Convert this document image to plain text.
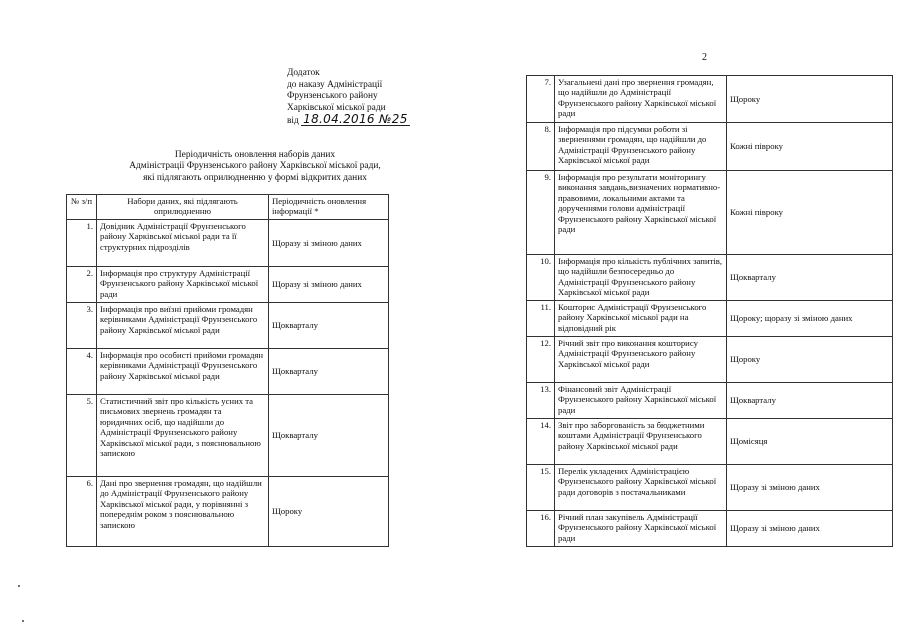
2
Додаток
до наказу Адміністрації
Фрунзенського району
Харківської міської ради
від 18.04.2016 №25
Періодичність оновлення наборів даних
Адміністрації Фрунзенського району Харківської міської ради,
які підлягають оприлюдненню у формі відкритих даних
№ з/п	Набори даних, які підлягають оприлюдненню	Періодичність оновлення інформації *
1.	Довідник Адміністрації Фрунзенського району Харківської міської ради та її структурних підрозділів	Щоразу зі зміною даних
2.	Інформація про структуру Адміністрації Фрунзенського району Харківської міської ради	Щоразу зі зміною даних
3.	Інформація про виїзні прийоми громадян керівниками Адміністрації Фрунзенського району Харківської міської ради	Щокварталу
4.	Інформація про особисті прийоми громадян керівниками Адміністрації Фрунзенського району Харківської міської ради	Щокварталу
5.	Статистичний звіт про кількість усних та письмових звернень громадян та юридичних осіб, що надійшли до Адміністрації Фрунзенського району Харківської міської ради, з пояснювальною запискою	Щокварталу
6.	Дані про звернення громадян, що надійшли до Адміністрації Фрунзенського району Харківської міської ради, у порівнянні з попереднім роком з пояснювальною запискою	Щороку
7.	Узагальнені дані про звернення громадян, що надійшли до Адміністрації Фрунзенського району Харківської міської ради	Щороку
8.	Інформація про підсумки роботи зі зверненнями громадян, що надійшли до Адміністрації Фрунзенського району Харківської міської ради	Кожні півроку
9.	Інформація про результати моніторингу виконання завдань,визначених нормативно-правовими, локальними актами та дорученнями голови адміністрації Фрунзенського району Харківської міської ради	Кожні півроку
10.	Інформація про кількість публічних запитів, що надійшли безпосередньо до Адміністрації Фрунзенського району Харківської міської ради	Щокварталу
11.	Кошторис Адміністрації Фрунзенського району Харківської міської ради на відповідний рік	Щороку; щоразу зі зміною даних
12.	Річний звіт про виконання кошторису Адміністрації Фрунзенського району Харківської міської ради	Щороку
13.	Фінансовий звіт Адміністрації Фрунзенського району Харківської міської ради	Щокварталу
14.	Звіт про заборгованість за бюджетними коштами Адміністрації Фрунзенського району Харківської міської ради	Щомісяця
15.	Перелік укладених Адміністрацією Фрунзенського району Харківської міської ради договорів з постачальниками	Щоразу зі зміною даних
16.	Річний план закупівель Адміністрації Фрунзенського району Харківської міської ради	Щоразу зі зміною даних
